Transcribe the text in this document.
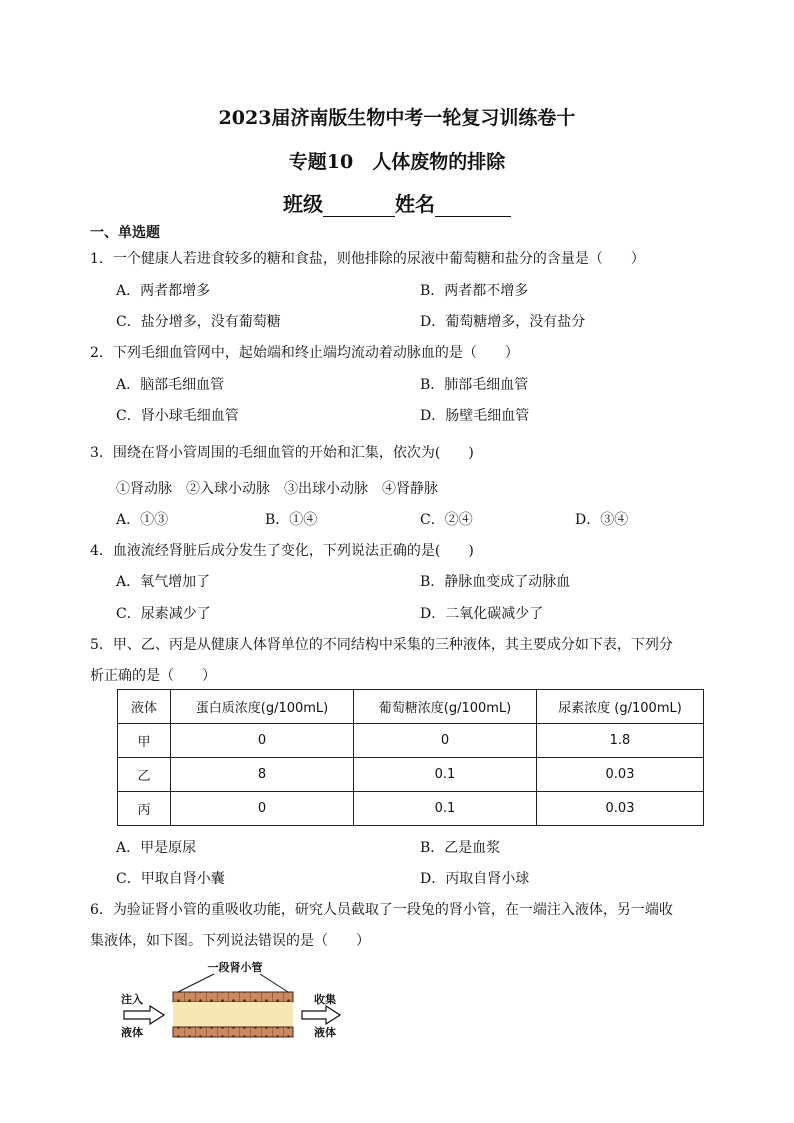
2023届济南版生物中考一轮复习训练卷十
专题10　人体废物的排除
班级	姓名
一、单选题
1．一个健康人若进食较多的糖和食盐，则他排除的尿液中葡萄糖和盐分的含量是（　　）
A．两者都增多	B．两者都不增多
C．盐分增多，没有葡萄糖	D．葡萄糖增多，没有盐分
2．下列毛细血管网中，起始端和终止端均流动着动脉血的是（　　）
A．脑部毛细血管	B．肺部毛细血管
C．肾小球毛细血管	D．肠壁毛细血管
3．围绕在肾小管周围的毛细血管的开始和汇集，依次为(　　)
①肾动脉　②入球小动脉　③出球小动脉　④肾静脉
A．①③	B．①④	C．②④	D．③④
4．血液流经肾脏后成分发生了变化，下列说法正确的是(　　)
A．氧气增加了	B．静脉血变成了动脉血
C．尿素减少了	D．二氧化碳减少了
5．甲、乙、丙是从健康人体肾单位的不同结构中采集的三种液体，其主要成分如下表，下列分
析正确的是（　　）
液体	蛋白质浓度(g/100mL)	葡萄糖浓度(g/100mL)	尿素浓度 (g/100mL)
甲	0	0	1.8
乙	8	0.1	0.03
丙	0	0.1	0.03
A．甲是原尿	B．乙是血浆
C．甲取自肾小囊	D．丙取自肾小球
6．为验证肾小管的重吸收功能，研究人员截取了一段兔的肾小管，在一端注入液体，另一端收
集液体，如下图。下列说法错误的是（　　）
一段肾小管
注入
液体
收集
液体
